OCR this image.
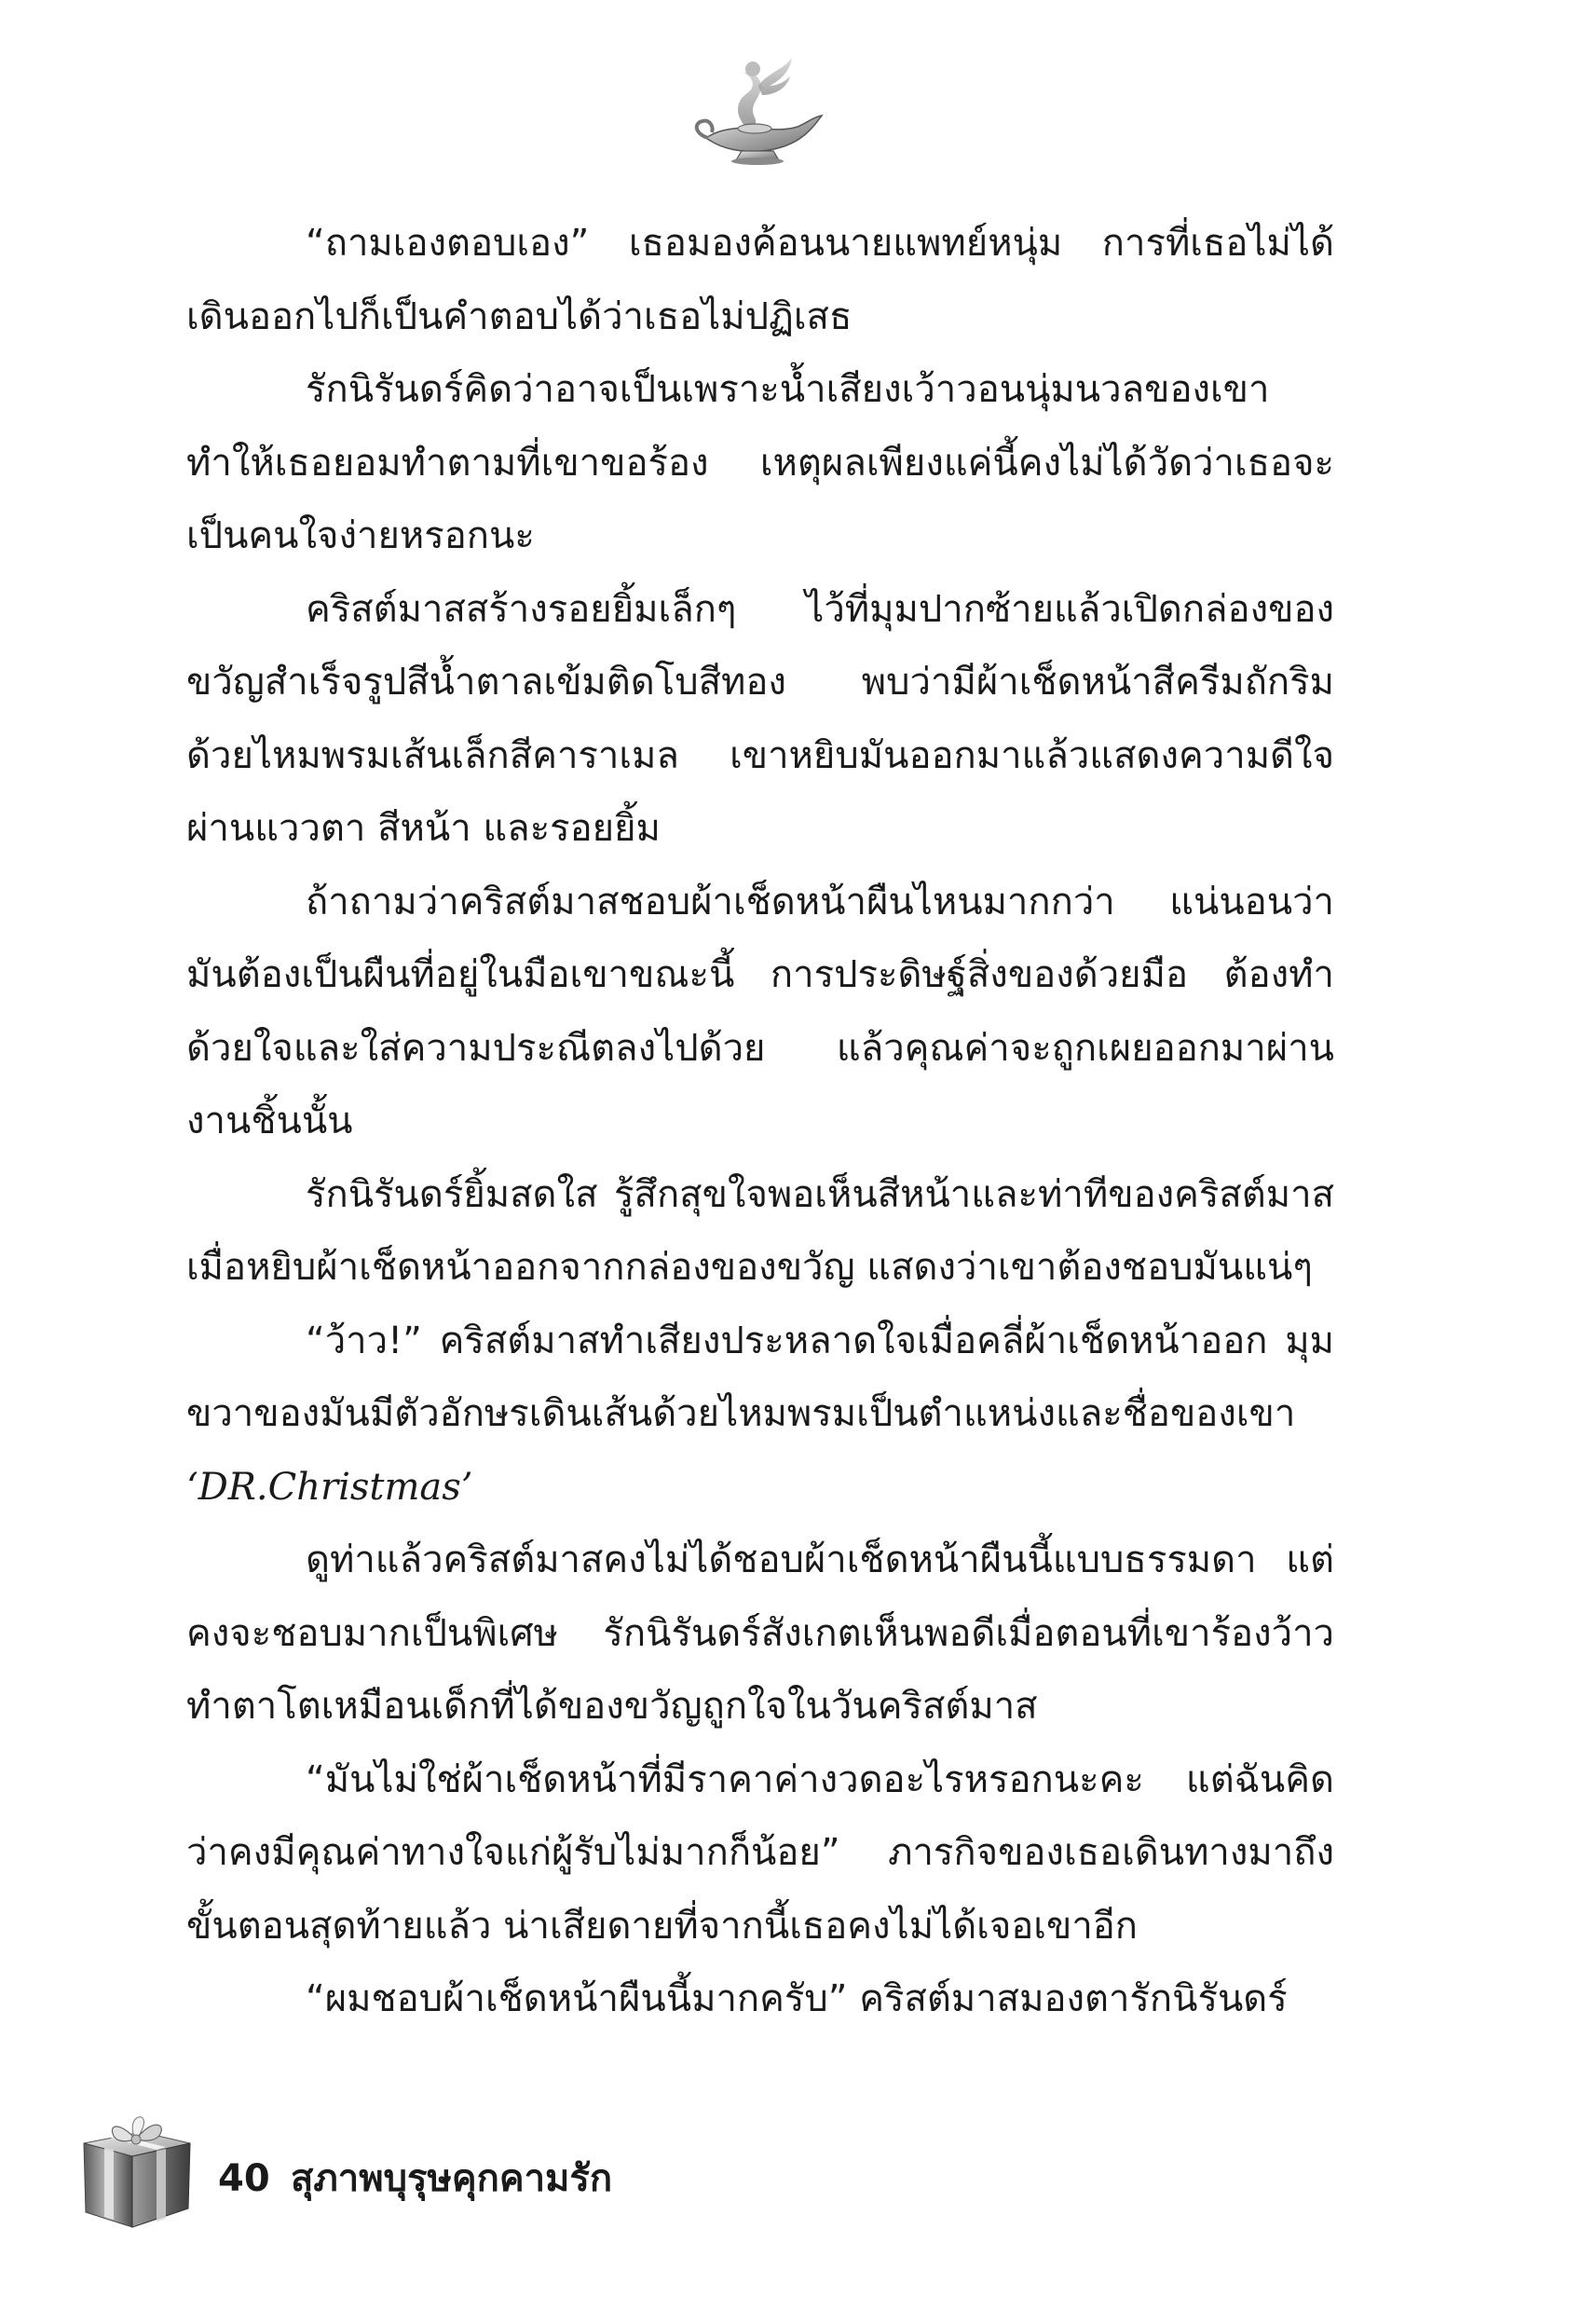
“ถามเองตอบเอง” เธอมองค้อนนายแพทย์หนุ่ม การที่เธอไม่ได้เดินออกไปก็เป็นคำตอบได้ว่าเธอไม่ปฏิเสธ

รักนิรันดร์คิดว่าอาจเป็นเพราะน้ำเสียงเว้าวอนนุ่มนวลของเขาทำให้เธอยอมทำตามที่เขาขอร้อง เหตุผลเพียงแค่นี้คงไม่ได้วัดว่าเธอจะเป็นคนใจง่ายหรอกนะ

คริสต์มาสสร้างรอยยิ้มเล็กๆ ไว้ที่มุมปากซ้ายแล้วเปิดกล่องของขวัญสำเร็จรูปสีน้ำตาลเข้มติดโบสีทอง พบว่ามีผ้าเช็ดหน้าสีครีมถักริมด้วยไหมพรมเส้นเล็กสีคาราเมล เขาหยิบมันออกมาแล้วแสดงความดีใจผ่านแววตา สีหน้า และรอยยิ้ม

ถ้าถามว่าคริสต์มาสชอบผ้าเช็ดหน้าผืนไหนมากกว่า แน่นอนว่ามันต้องเป็นผืนที่อยู่ในมือเขาขณะนี้ การประดิษฐ์สิ่งของด้วยมือ ต้องทำด้วยใจและใส่ความประณีตลงไปด้วย แล้วคุณค่าจะถูกเผยออกมาผ่านงานชิ้นนั้น

รักนิรันดร์ยิ้มสดใส รู้สึกสุขใจพอเห็นสีหน้าและท่าทีของคริสต์มาสเมื่อหยิบผ้าเช็ดหน้าออกจากกล่องของขวัญ แสดงว่าเขาต้องชอบมันแน่ๆ

“ว้าว!” คริสต์มาสทำเสียงประหลาดใจเมื่อคลี่ผ้าเช็ดหน้าออก มุมขวาของมันมีตัวอักษรเดินเส้นด้วยไหมพรมเป็นตำแหน่งและชื่อของเขา ‘DR.Christmas’

ดูท่าแล้วคริสต์มาสคงไม่ได้ชอบผ้าเช็ดหน้าผืนนี้แบบธรรมดา แต่คงจะชอบมากเป็นพิเศษ รักนิรันดร์สังเกตเห็นพอดีเมื่อตอนที่เขาร้องว้าว ทำตาโตเหมือนเด็กที่ได้ของขวัญถูกใจในวันคริสต์มาส

“มันไม่ใช่ผ้าเช็ดหน้าที่มีราคาค่างวดอะไรหรอกนะคะ แต่ฉันคิดว่าคงมีคุณค่าทางใจแก่ผู้รับไม่มากก็น้อย” ภารกิจของเธอเดินทางมาถึงขั้นตอนสุดท้ายแล้ว น่าเสียดายที่จากนี้เธอคงไม่ได้เจอเขาอีก

“ผมชอบผ้าเช็ดหน้าผืนนี้มากครับ” คริสต์มาสมองตารักนิรันดร์

40 สุภาพบุรุษคุกคามรัก
